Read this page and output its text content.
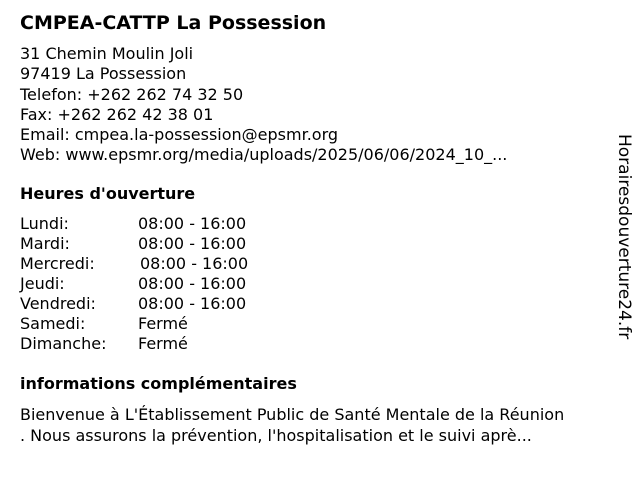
CMPEA-CATTP La Possession
31 Chemin Moulin Joli
97419 La Possession
Telefon: +262 262 74 32 50
Fax: +262 262 42 38 01
Email: cmpea.la-possession@epsmr.org
Web: www.epsmr.org/media/uploads/2025/06/06/2024_10_...
Heures d'ouverture
Lundi:	08:00 - 16:00
Mardi:	08:00 - 16:00
Mercredi:	08:00 - 16:00
Jeudi:	08:00 - 16:00
Vendredi:	08:00 - 16:00
Samedi:	Fermé
Dimanche: Fermé
informations complémentaires
Bienvenue à L'Établissement Public de Santé Mentale de la Réunion
. Nous assurons la prévention, l'hospitalisation et le suivi aprè...
Horairesdouverture24.fr
